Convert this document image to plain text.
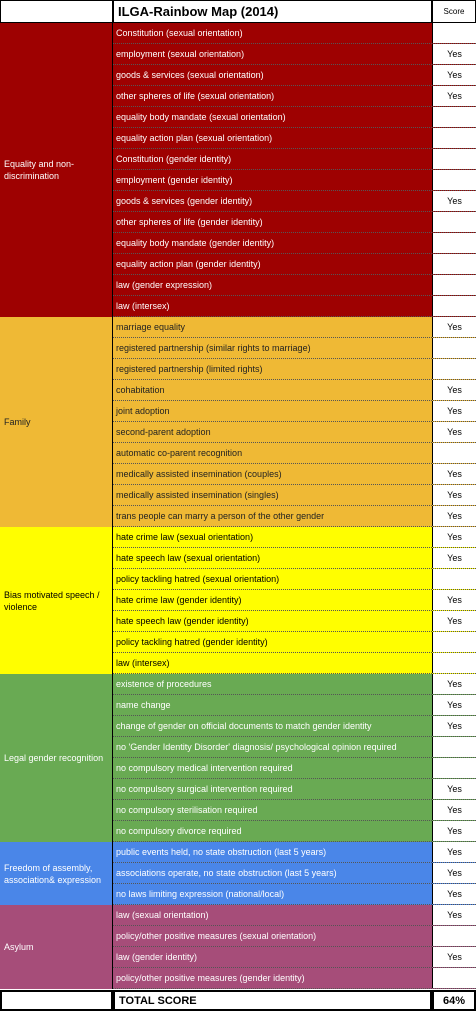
ILGA-Rainbow Map (2014)	Score
Equality and non-discrimination
Constitution (sexual orientation)
employment (sexual orientation)	Yes
goods & services (sexual orientation)	Yes
other spheres of life (sexual orientation)	Yes
equality body mandate (sexual orientation)
equality action plan (sexual orientation)
Constitution (gender identity)
employment (gender identity)
goods & services (gender identity)	Yes
other spheres of life (gender identity)
equality body mandate (gender identity)
equality action plan (gender identity)
law (gender expression)
law (intersex)
Family
marriage equality	Yes
registered partnership (similar rights to marriage)
registered partnership (limited rights)
cohabitation	Yes
joint adoption	Yes
second-parent adoption	Yes
automatic co-parent recognition
medically assisted insemination (couples)	Yes
medically assisted insemination (singles)	Yes
trans people can marry a person of the other gender	Yes
Bias motivated speech / violence
hate crime law (sexual orientation)	Yes
hate speech law (sexual orientation)	Yes
policy tackling hatred (sexual orientation)
hate crime law (gender identity)	Yes
hate speech law (gender identity)	Yes
policy tackling hatred (gender identity)
law (intersex)
Legal gender recognition
existence of procedures	Yes
name change	Yes
change of gender on official documents to match gender identity	Yes
no 'Gender Identity Disorder' diagnosis/ psychological opinion required
no compulsory medical intervention required
no compulsory surgical intervention required	Yes
no compulsory sterilisation required	Yes
no compulsory divorce required	Yes
Freedom of assembly, association& expression
public events held, no state obstruction (last 5 years)	Yes
associations operate, no state obstruction (last 5 years)	Yes
no laws limiting expression (national/local)	Yes
Asylum
law (sexual orientation)	Yes
policy/other positive measures (sexual orientation)
law (gender identity)	Yes
policy/other positive measures (gender identity)
TOTAL SCORE	64%
